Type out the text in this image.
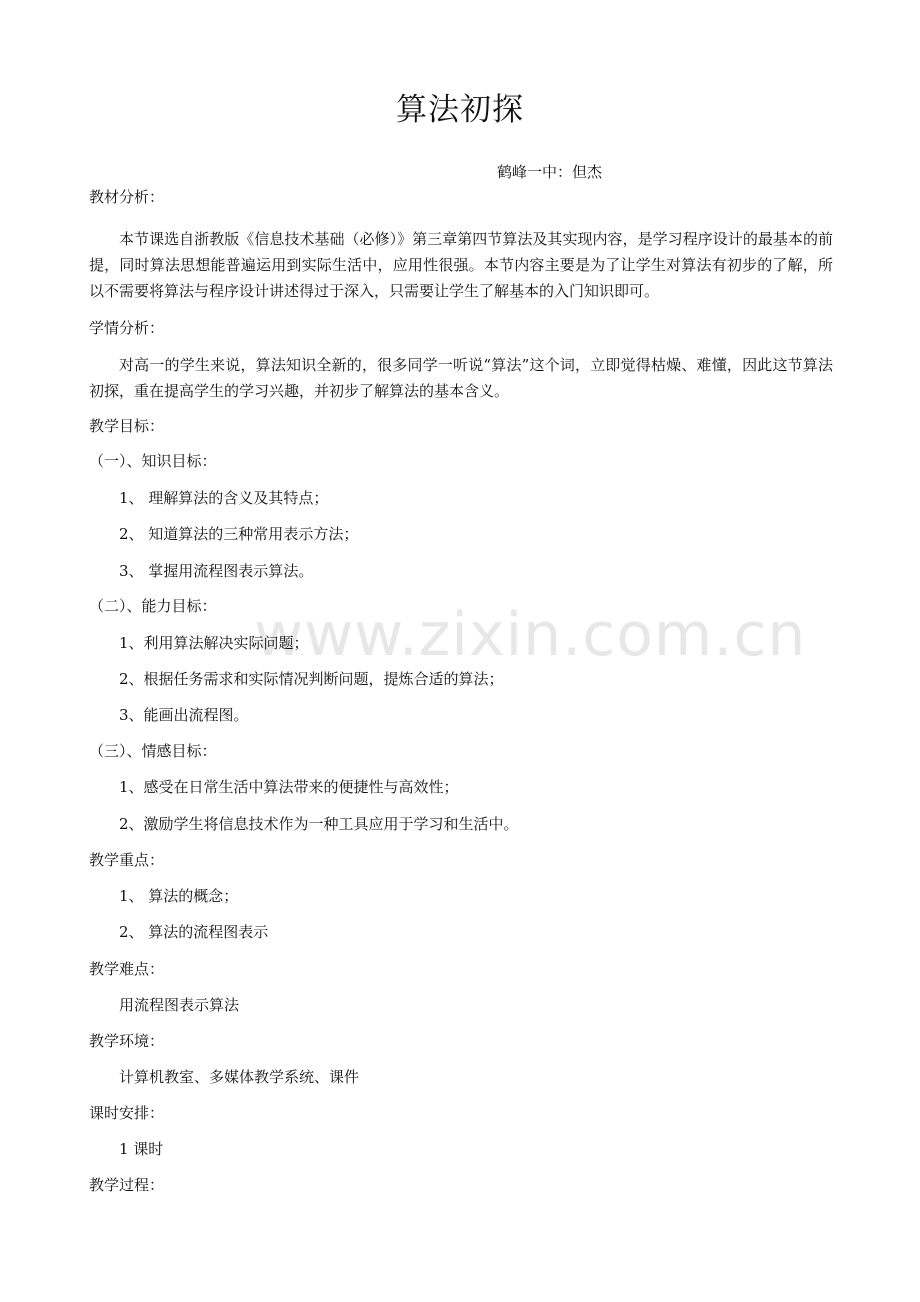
www.zixin.com.cn
算法初探
鹤峰一中：但杰
教材分析：
本节课选自浙教版《信息技术基础（必修）》第三章第四节算法及其实现内容，是学习程序设计的最基本的前提，同时算法思想能普遍运用到实际生活中，应用性很强。本节内容主要是为了让学生对算法有初步的了解，所以不需要将算法与程序设计讲述得过于深入，只需要让学生了解基本的入门知识即可。
学情分析：
对高一的学生来说，算法知识全新的，很多同学一听说“算法”这个词，立即觉得枯燥、难懂，因此这节算法初探，重在提高学生的学习兴趣，并初步了解算法的基本含义。
教学目标：
（一）、知识目标：
1、 理解算法的含义及其特点；
2、 知道算法的三种常用表示方法；
3、 掌握用流程图表示算法。
（二）、能力目标：
1、利用算法解决实际问题；
2、根据任务需求和实际情况判断问题，提炼合适的算法；
3、能画出流程图。
（三）、情感目标：
1、感受在日常生活中算法带来的便捷性与高效性；
2、激励学生将信息技术作为一种工具应用于学习和生活中。
教学重点：
1、 算法的概念；
2、 算法的流程图表示
教学难点：
用流程图表示算法
教学环境：
计算机教室、多媒体教学系统、课件
课时安排：
1 课时
教学过程：
